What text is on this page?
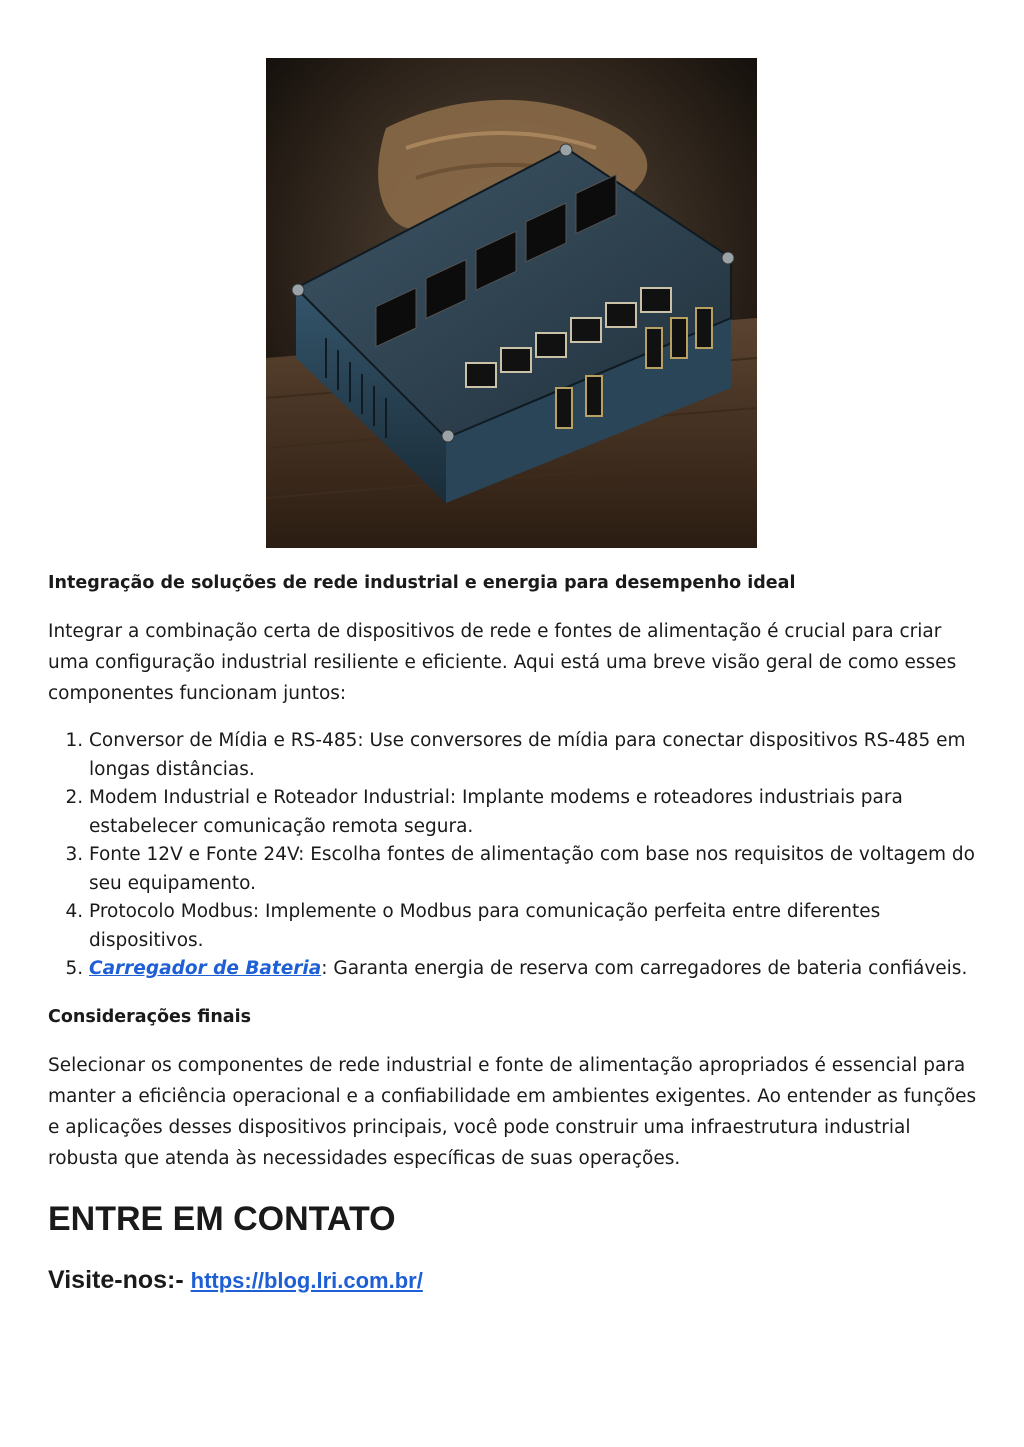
Integração de soluções de rede industrial e energia para desempenho ideal

Integrar a combinação certa de dispositivos de rede e fontes de alimentação é crucial para criar uma configuração industrial resiliente e eficiente. Aqui está uma breve visão geral de como esses componentes funcionam juntos:

1. Conversor de Mídia e RS-485: Use conversores de mídia para conectar dispositivos RS-485 em longas distâncias.
2. Modem Industrial e Roteador Industrial: Implante modems e roteadores industriais para estabelecer comunicação remota segura.
3. Fonte 12V e Fonte 24V: Escolha fontes de alimentação com base nos requisitos de voltagem do seu equipamento.
4. Protocolo Modbus: Implemente o Modbus para comunicação perfeita entre diferentes dispositivos.
5. Carregador de Bateria: Garanta energia de reserva com carregadores de bateria confiáveis.
Considerações finais

Selecionar os componentes de rede industrial e fonte de alimentação apropriados é essencial para manter a eficiência operacional e a confiabilidade em ambientes exigentes. Ao entender as funções e aplicações desses dispositivos principais, você pode construir uma infraestrutura industrial robusta que atenda às necessidades específicas de suas operações.

ENTRE EM CONTATO

Visite-nos:- https://blog.lri.com.br/
